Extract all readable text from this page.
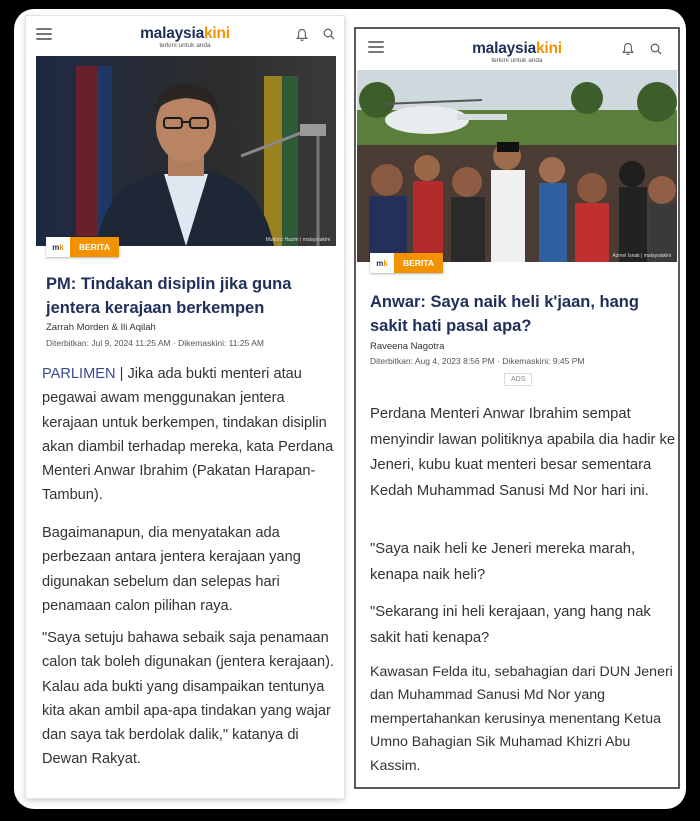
malaysiakini
terkini untuk anda
Mukhriz Hazim | malaysiakini
m k	BERITA
PM: Tindakan disiplin jika guna jentera kerajaan berkempen
Zarrah Morden & Ili Aqilah
Diterbitkan: Jul 9, 2024 11:25 AM · Dikemaskini: 11:25 AM
PARLIMEN | Jika ada bukti menteri atau pegawai awam menggunakan jentera kerajaan untuk berkempen, tindakan disiplin akan diambil terhadap mereka, kata Perdana Menteri Anwar Ibrahim (Pakatan Harapan-Tambun).
Bagaimanapun, dia menyatakan ada perbezaan antara jentera kerajaan yang digunakan sebelum dan selepas hari penamaan calon pilihan raya.
"Saya setuju bahawa sebaik saja penamaan calon tak boleh digunakan (jentera kerajaan). Kalau ada bukti yang disampaikan tentunya kita akan ambil apa-apa tindakan yang wajar dan saya tak berdolak dalik," katanya di Dewan Rakyat.
malaysiakini
terkini untuk anda
Azmel Isnak | malaysiakini
m k	BERITA
Anwar: Saya naik heli k'jaan, hang sakit hati pasal apa?
Raveena Nagotra
Diterbitkan: Aug 4, 2023 8:56 PM · Dikemaskini: 9:45 PM
ADS
Perdana Menteri Anwar Ibrahim sempat menyindir lawan politiknya apabila dia hadir ke Jeneri, kubu kuat menteri besar sementara Kedah Muhammad Sanusi Md Nor hari ini.
"Saya naik heli ke Jeneri mereka marah, kenapa naik heli?
"Sekarang ini heli kerajaan, yang hang nak sakit hati kenapa?
Kawasan Felda itu, sebahagian dari DUN Jeneri dan Muhammad Sanusi Md Nor yang mempertahankan kerusinya menentang Ketua Umno Bahagian Sik Muhamad Khizri Abu Kassim.
